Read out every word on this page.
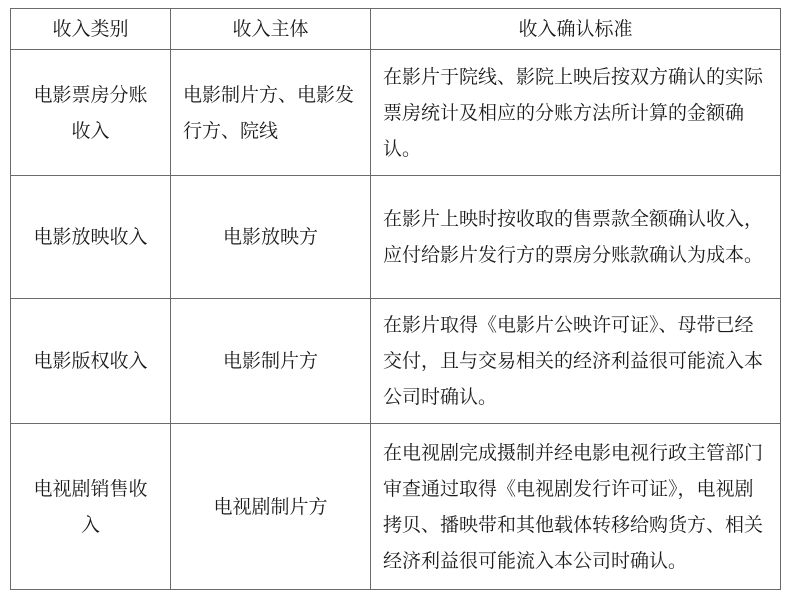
收入类别	收入主体	收入确认标准
电影票房分账收入	电影制片方、电影发行方、院线	在影片于院线、影院上映后按双方确认的实际票房统计及相应的分账方法所计算的金额确认。
电影放映收入	电影放映方	在影片上映时按收取的售票款全额确认收入，应付给影片发行方的票房分账款确认为成本。
电影版权收入	电影制片方	在影片取得《电影片公映许可证》、母带已经交付，且与交易相关的经济利益很可能流入本公司时确认。
电视剧销售收入	电视剧制片方	在电视剧完成摄制并经电影电视行政主管部门审查通过取得《电视剧发行许可证》，电视剧拷贝、播映带和其他载体转移给购货方、相关经济利益很可能流入本公司时确认。
